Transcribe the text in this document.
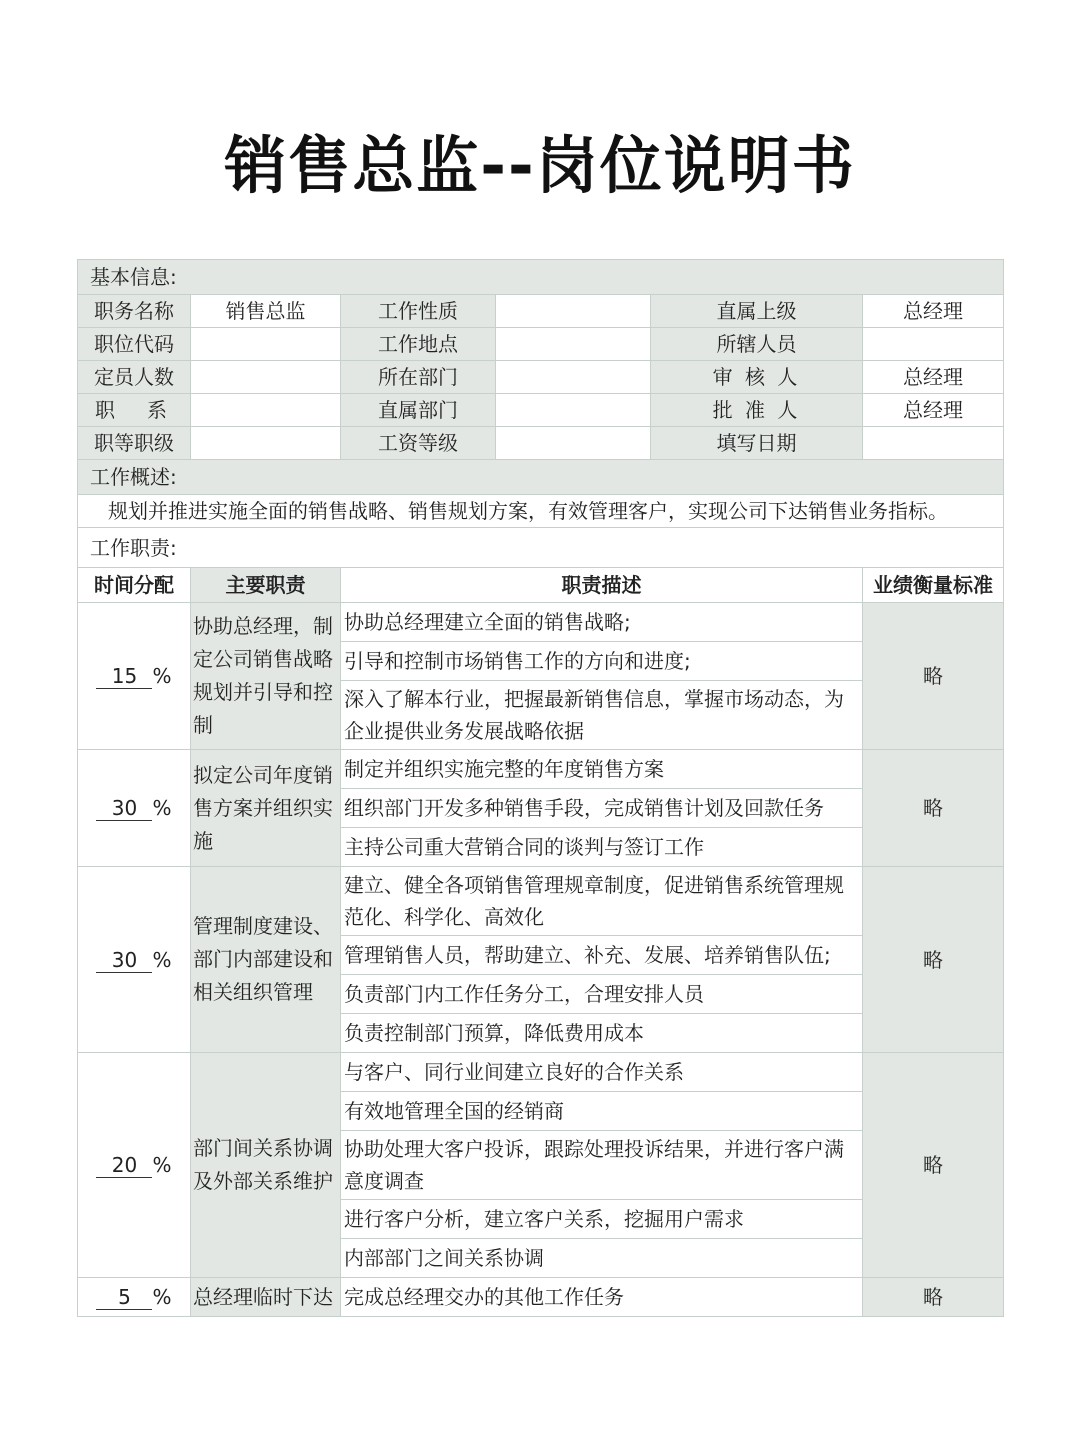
销售总监--岗位说明书
基本信息:					
职务名称	销售总监	工作性质		直属上级	总经理
职位代码		工作地点		所辖人员	
定员人数		所在部门		审 核 人	总经理
职　系		直属部门		批 准 人	总经理
职等职级		工资等级		填写日期	
工作概述:					
规划并推进实施全面的销售战略、销售规划方案，有效管理客户，实现公司下达销售业务指标。					
工作职责:					
时间分配	主要职责	职责描述			业绩衡量标准
15 %	协助总经理，制定公司销售战略规划并引导和控制	协助总经理建立全面的销售战略;			略
		引导和控制市场销售工作的方向和进度;			
		深入了解本行业，把握最新销售信息，掌握市场动态，为企业提供业务发展战略依据			
30 %	拟定公司年度销售方案并组织实施	制定并组织实施完整的年度销售方案			略
		组织部门开发多种销售手段，完成销售计划及回款任务			
		主持公司重大营销合同的谈判与签订工作			
30 %	管理制度建设、部门内部建设和相关组织管理	建立、健全各项销售管理规章制度，促进销售系统管理规范化、科学化、高效化			略
		管理销售人员，帮助建立、补充、发展、培养销售队伍;			
		负责部门内工作任务分工，合理安排人员			
		负责控制部门预算，降低费用成本			
20 %	部门间关系协调及外部关系维护	与客户、同行业间建立良好的合作关系			略
		有效地管理全国的经销商			
		协助处理大客户投诉，跟踪处理投诉结果，并进行客户满意度调查			
		进行客户分析，建立客户关系，挖掘用户需求			
		内部部门之间关系协调			
5 %	总经理临时下达	完成总经理交办的其他工作任务			略
